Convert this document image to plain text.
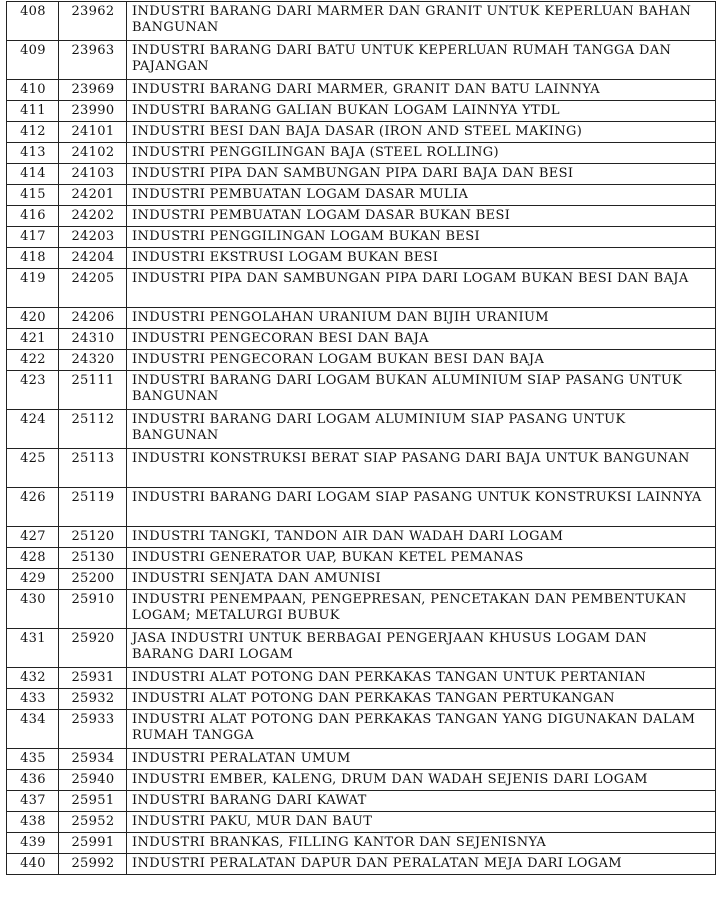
408	23962	INDUSTRI BARANG DARI MARMER DAN GRANIT UNTUK KEPERLUAN BAHAN BANGUNAN
409	23963	INDUSTRI BARANG DARI BATU UNTUK KEPERLUAN RUMAH TANGGA DAN PAJANGAN
410	23969	INDUSTRI BARANG DARI MARMER, GRANIT DAN BATU LAINNYA
411	23990	INDUSTRI BARANG GALIAN BUKAN LOGAM LAINNYA YTDL
412	24101	INDUSTRI BESI DAN BAJA DASAR (IRON AND STEEL MAKING)
413	24102	INDUSTRI PENGGILINGAN BAJA (STEEL ROLLING)
414	24103	INDUSTRI PIPA DAN SAMBUNGAN PIPA DARI BAJA DAN BESI
415	24201	INDUSTRI PEMBUATAN LOGAM DASAR MULIA
416	24202	INDUSTRI PEMBUATAN LOGAM DASAR BUKAN BESI
417	24203	INDUSTRI PENGGILINGAN LOGAM BUKAN BESI
418	24204	INDUSTRI EKSTRUSI LOGAM BUKAN BESI
419	24205	INDUSTRI PIPA DAN SAMBUNGAN PIPA DARI LOGAM BUKAN BESI DAN BAJA
420	24206	INDUSTRI PENGOLAHAN URANIUM DAN BIJIH URANIUM
421	24310	INDUSTRI PENGECORAN BESI DAN BAJA
422	24320	INDUSTRI PENGECORAN LOGAM BUKAN BESI DAN BAJA
423	25111	INDUSTRI BARANG DARI LOGAM BUKAN ALUMINIUM SIAP PASANG UNTUK BANGUNAN
424	25112	INDUSTRI BARANG DARI LOGAM ALUMINIUM SIAP PASANG UNTUK BANGUNAN
425	25113	INDUSTRI KONSTRUKSI BERAT SIAP PASANG DARI BAJA UNTUK BANGUNAN
426	25119	INDUSTRI BARANG DARI LOGAM SIAP PASANG UNTUK KONSTRUKSI LAINNYA
427	25120	INDUSTRI TANGKI, TANDON AIR DAN WADAH DARI LOGAM
428	25130	INDUSTRI GENERATOR UAP, BUKAN KETEL PEMANAS
429	25200	INDUSTRI SENJATA DAN AMUNISI
430	25910	INDUSTRI PENEMPAAN, PENGEPRESAN, PENCETAKAN DAN PEMBENTUKAN LOGAM; METALURGI BUBUK
431	25920	JASA INDUSTRI UNTUK BERBAGAI PENGERJAAN KHUSUS LOGAM DAN BARANG DARI LOGAM
432	25931	INDUSTRI ALAT POTONG DAN PERKAKAS TANGAN UNTUK PERTANIAN
433	25932	INDUSTRI ALAT POTONG DAN PERKAKAS TANGAN PERTUKANGAN
434	25933	INDUSTRI ALAT POTONG DAN PERKAKAS TANGAN YANG DIGUNAKAN DALAM RUMAH TANGGA
435	25934	INDUSTRI PERALATAN UMUM
436	25940	INDUSTRI EMBER, KALENG, DRUM DAN WADAH SEJENIS DARI LOGAM
437	25951	INDUSTRI BARANG DARI KAWAT
438	25952	INDUSTRI PAKU, MUR DAN BAUT
439	25991	INDUSTRI BRANKAS, FILLING KANTOR DAN SEJENISNYA
440	25992	INDUSTRI PERALATAN DAPUR DAN PERALATAN MEJA DARI LOGAM
